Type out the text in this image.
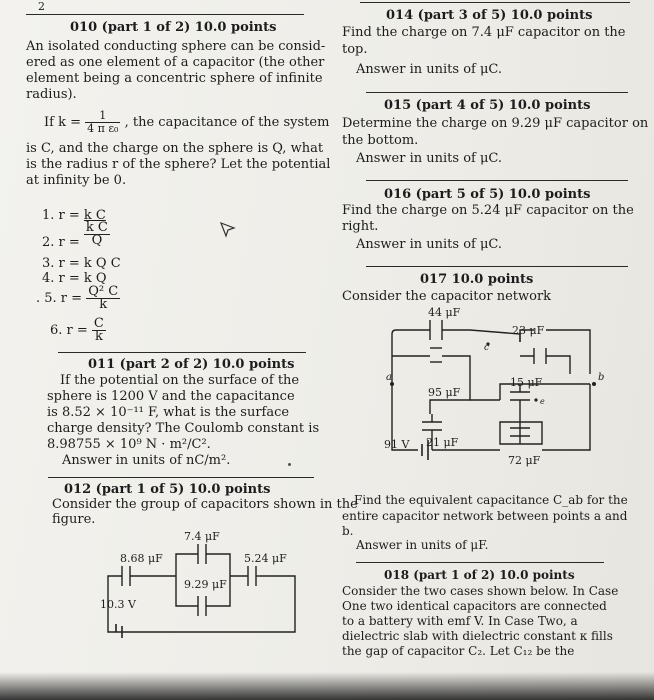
2
010 (part 1 of 2) 10.0 points
An isolated conducting sphere can be consid-
ered as one element of a capacitor (the other
element being a concentric sphere of infinite
radius).
If $k = \frac{1}{\text{4 π ε₀}}$ , the capacitance of the system
is C, and the charge on the sphere is Q, what
is the radius r of the sphere? Let the potential
at infinity be 0.
1. r = k C
2. $r = \frac{\text{k C}}{Q}$
3. r = k Q C
4. r = k Q
. 5. $r = \frac{\text{Q² C}}{k}$
6. $r = \frac{C}{k}$
011 (part 2 of 2) 10.0 points
If the potential on the surface of the
sphere is 1200 V and the capacitance
is 8.52 × 10⁻¹¹ F, what is the surface
charge density? The Coulomb constant is
8.98755 × 10⁹ N · m²/C².
Answer in units of nC/m².
012 (part 1 of 5) 10.0 points
Consider the group of capacitors shown in the
figure.
7.4 μF
8.68 μF
9.29 μF
5.24 μF
10.3 V
014 (part 3 of 5) 10.0 points
Find the charge on 7.4 μF capacitor on the
top.
Answer in units of μC.
015 (part 4 of 5) 10.0 points
Determine the charge on 9.29 μF capacitor on
the bottom.
Answer in units of μC.
016 (part 5 of 5) 10.0 points
Find the charge on 5.24 μF capacitor on the
right.
Answer in units of μC.
017 10.0 points
Consider the capacitor network
44 μF
23 μF
95 μF
15 μF
21 μF
72 μF
91 V
a	b
c
e
Find the equivalent capacitance C_ab for the
entire capacitor network between points a and
b.
Answer in units of μF.
018 (part 1 of 2) 10.0 points
Consider the two cases shown below. In Case
One two identical capacitors are connected
to a battery with emf V. In Case Two, a
dielectric slab with dielectric constant κ fills
the gap of capacitor C₂. Let C₁₂ be the
